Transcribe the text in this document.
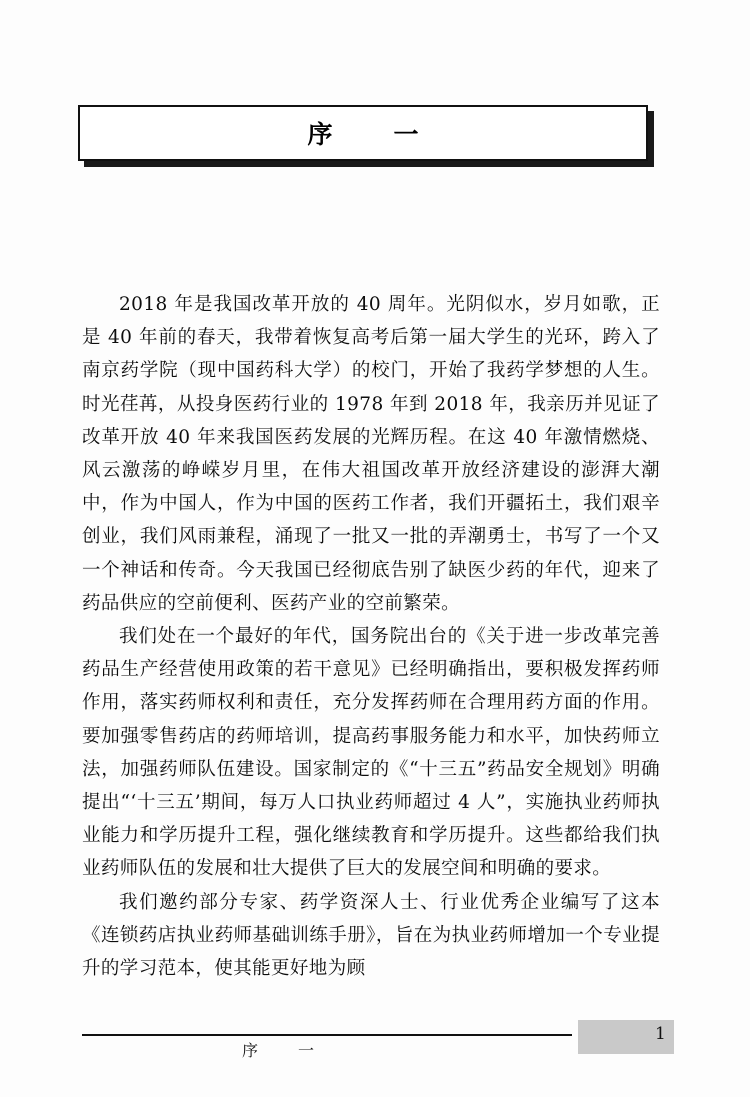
序　一

2018 年是我国改革开放的 40 周年。光阴似水，岁月如歌，正是 40 年前的春天，我带着恢复高考后第一届大学生的光环，跨入了南京药学院（现中国药科大学）的校门，开始了我药学梦想的人生。时光荏苒，从投身医药行业的 1978 年到 2018 年，我亲历并见证了改革开放 40 年来我国医药发展的光辉历程。在这 40 年激情燃烧、风云激荡的峥嵘岁月里，在伟大祖国改革开放经济建设的澎湃大潮中，作为中国人，作为中国的医药工作者，我们开疆拓土，我们艰辛创业，我们风雨兼程，涌现了一批又一批的弄潮勇士，书写了一个又一个神话和传奇。今天我国已经彻底告别了缺医少药的年代，迎来了药品供应的空前便利、医药产业的空前繁荣。

我们处在一个最好的年代，国务院出台的《关于进一步改革完善药品生产经营使用政策的若干意见》已经明确指出，要积极发挥药师作用，落实药师权利和责任，充分发挥药师在合理用药方面的作用。要加强零售药店的药师培训，提高药事服务能力和水平，加快药师立法，加强药师队伍建设。国家制定的《“十三五”药品安全规划》明确提出“‘十三五’期间，每万人口执业药师超过 4 人”，实施执业药师执业能力和学历提升工程，强化继续教育和学历提升。这些都给我们执业药师队伍的发展和壮大提供了巨大的发展空间和明确的要求。

我们邀约部分专家、药学资深人士、行业优秀企业编写了这本《连锁药店执业药师基础训练手册》，旨在为执业药师增加一个专业提升的学习范本，使其能更好地为顾

序　一
1
